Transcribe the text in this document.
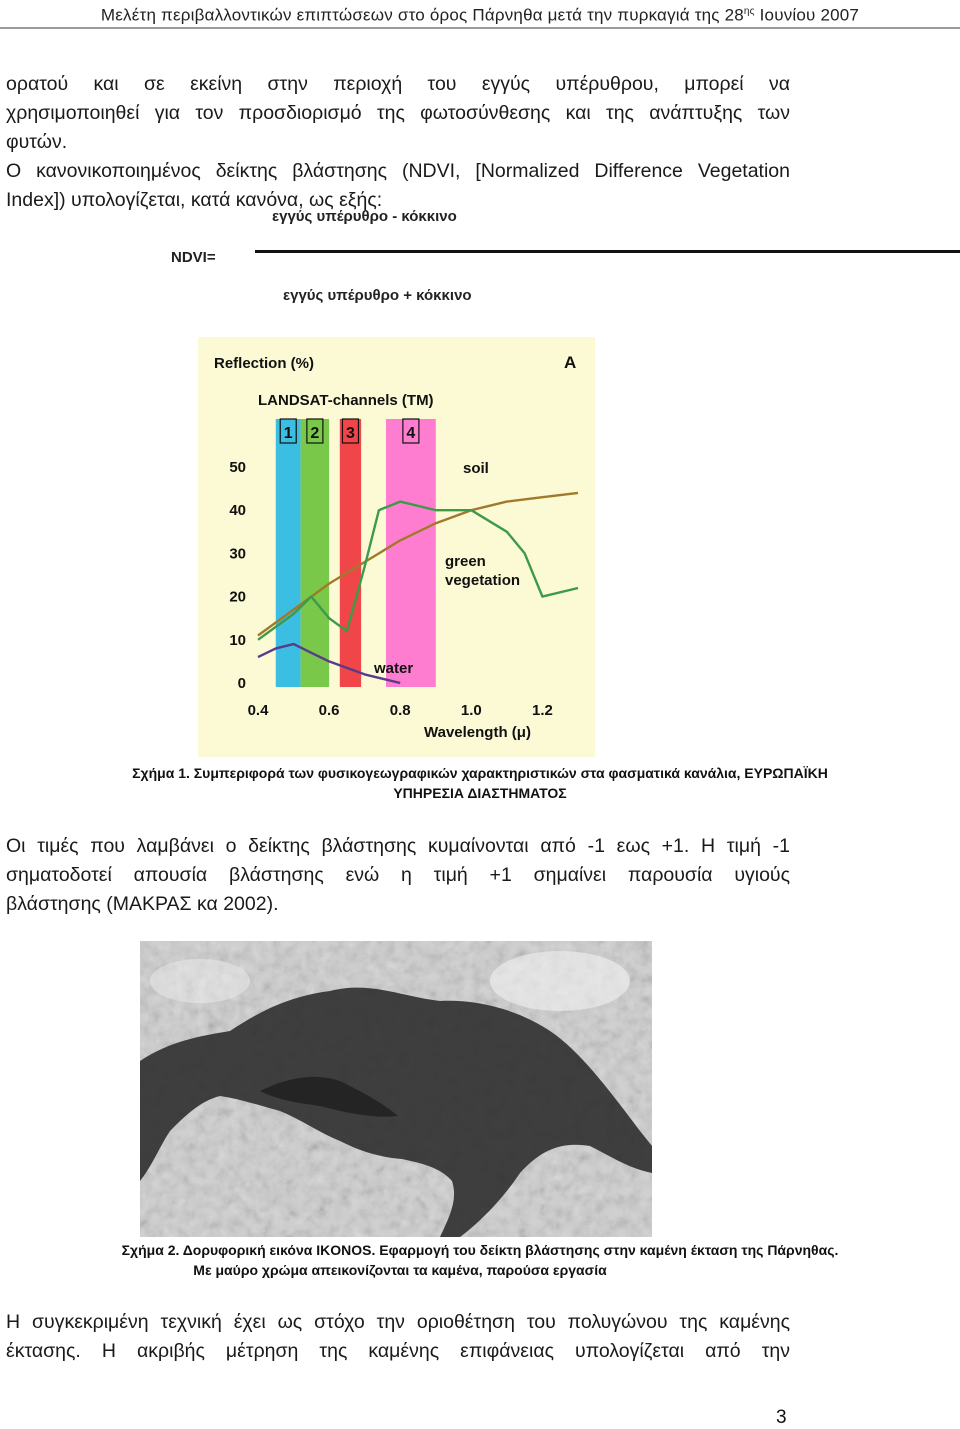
Μελέτη περιβαλλοντικών επιπτώσεων στο όρος Πάρνηθα μετά την πυρκαγιά της $28^{\eta\varsigma}$ Ιουνίου 2007
ορατού και σε εκείνη στην περιοχή του εγγύς υπέρυθρου, μπορεί να
χρησιμοποιηθεί για τον προσδιορισμό της φωτοσύνθεσης και της ανάπτυξης των
φυτών.
Ο κανονικοποιημένος δείκτης βλάστησης (NDVI, [Normalized Difference Vegetation
Index]) υπολογίζεται, κατά κανόνα, ως εξής:
εγγύς υπέρυθρο - κόκκινο
NDVI=
εγγύς υπέρυθρο + κόκκινο
1 2 3	4
Reflection (%)	A
LANDSAT-channels (TM)
50
40
30
20
10
0
0.4	0.6	0.8	1.0	1.2
soil
green
vegetation
water
Wavelength (μ)
Σχήμα 1. Συμπεριφορά των φυσικογεωγραφικών χαρακτηριστικών στα φασματικά κανάλια, ΕΥΡΩΠΑΪΚΗ
ΥΠΗΡΕΣΙΑ ΔΙΑΣΤΗΜΑΤΟΣ
Οι τιμές που λαμβάνει ο δείκτης βλάστησης κυμαίνονται από -1 εως +1. Η τιμή -1
σηματοδοτεί απουσία βλάστησης ενώ η τιμή +1 σημαίνει παρουσία υγιούς
βλάστησης (ΜΑΚΡΑΣ κα 2002).
Σχήμα 2. Δορυφορική εικόνα IKONOS. Εφαρμογή του δείκτη βλάστησης στην καμένη έκταση της Πάρνηθας.
Με μαύρο χρώμα απεικονίζονται τα καμένα, παρούσα εργασία
Η συγκεκριμένη τεχνική έχει ως στόχο την οριοθέτηση του πολυγώνου της καμένης
έκτασης. Η ακριβής μέτρηση της καμένης επιφάνειας υπολογίζεται από την
3
